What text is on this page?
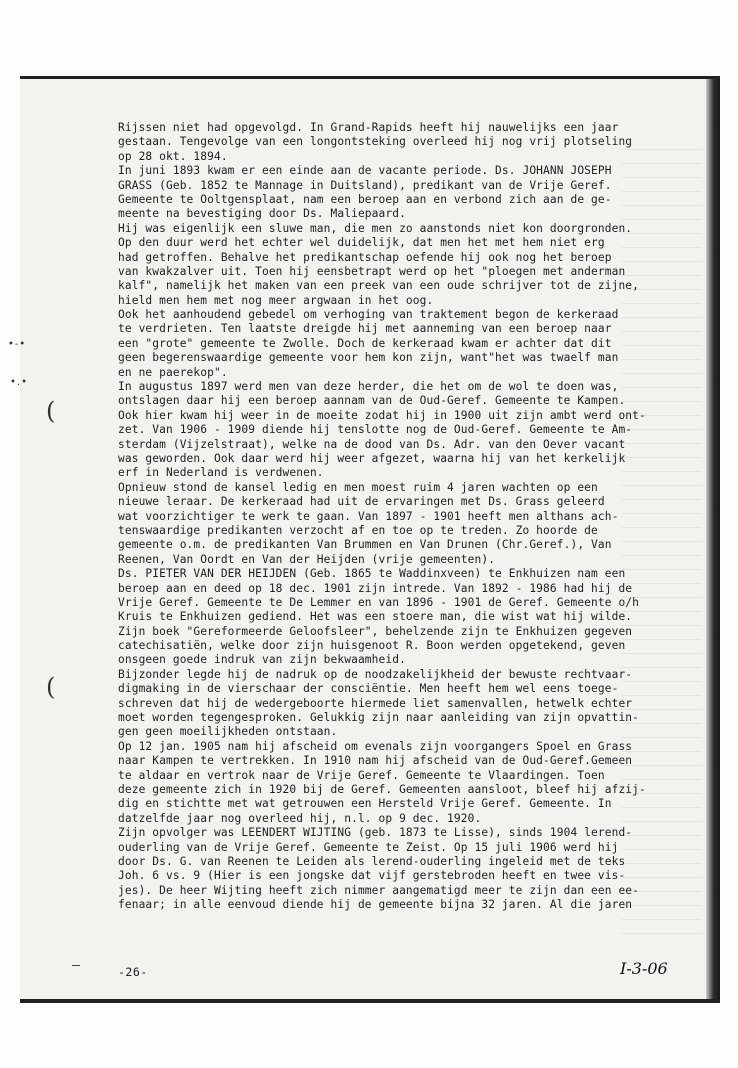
•-•
•.•
(
(
Rijssen niet had opgevolgd. In Grand-Rapids heeft hij nauwelijks een jaar
gestaan. Tengevolge van een longontsteking overleed hij nog vrij plotseling
op 28 okt. 1894.
In juni 1893 kwam er een einde aan de vacante periode. Ds. JOHANN JOSEPH
GRASS (Geb. 1852 te Mannage in Duitsland), predikant van de Vrije Geref.
Gemeente te Ooltgensplaat, nam een beroep aan en verbond zich aan de ge-
meente na bevestiging door Ds. Maliepaard.
Hij was eigenlijk een sluwe man, die men zo aanstonds niet kon doorgronden.
Op den duur werd het echter wel duidelijk, dat men het met hem niet erg
had getroffen. Behalve het predikantschap oefende hij ook nog het beroep
van kwakzalver uit. Toen hij eensbetrapt werd op het "ploegen met anderman
kalf", namelijk het maken van een preek van een oude schrijver tot de zijne,
hield men hem met nog meer argwaan in het oog.
Ook het aanhoudend gebedel om verhoging van traktement begon de kerkeraad
te verdrieten. Ten laatste dreigde hij met aanneming van een beroep naar
een "grote" gemeente te Zwolle. Doch de kerkeraad kwam er achter dat dit
geen begerenswaardige gemeente voor hem kon zijn, want"het was twaelf man
en ne paerekop".
In augustus 1897 werd men van deze herder, die het om de wol te doen was,
ontslagen daar hij een beroep aannam van de Oud-Geref. Gemeente te Kampen.
Ook hier kwam hij weer in de moeite zodat hij in 1900 uit zijn ambt werd ont-
zet. Van 1906 - 1909 diende hij tenslotte nog de Oud-Geref. Gemeente te Am-
sterdam (Vijzelstraat), welke na de dood van Ds. Adr. van den Oever vacant
was geworden. Ook daar werd hij weer afgezet, waarna hij van het kerkelijk
erf in Nederland is verdwenen.
Opnieuw stond de kansel ledig en men moest ruim 4 jaren wachten op een
nieuwe leraar. De kerkeraad had uit de ervaringen met Ds. Grass geleerd
wat voorzichtiger te werk te gaan. Van 1897 - 1901 heeft men althans ach-
tenswaardige predikanten verzocht af en toe op te treden. Zo hoorde de
gemeente o.m. de predikanten Van Brummen en Van Drunen (Chr.Geref.), Van
Reenen, Van Oordt en Van der Heijden (vrije gemeenten).
Ds. PIETER VAN DER HEIJDEN (Geb. 1865 te Waddinxveen) te Enkhuizen nam een
beroep aan en deed op 18 dec. 1901 zijn intrede. Van 1892 - 1986 had hij de
Vrije Geref. Gemeente te De Lemmer en van 1896 - 1901 de Geref. Gemeente o/h
Kruis te Enkhuizen gediend. Het was een stoere man, die wist wat hij wilde.
Zijn boek "Gereformeerde Geloofsleer", behelzende zijn te Enkhuizen gegeven
catechisatiën, welke door zijn huisgenoot R. Boon werden opgetekend, geven
onsgeen goede indruk van zijn bekwaamheid.
Bijzonder legde hij de nadruk op de noodzakelijkheid der bewuste rechtvaar-
digmaking in de vierschaar der consciëntie. Men heeft hem wel eens toege-
schreven dat hij de wedergeboorte hiermede liet samenvallen, hetwelk echter
moet worden tegengesproken. Gelukkig zijn naar aanleiding van zijn opvattin-
gen geen moeilijkheden ontstaan.
Op 12 jan. 1905 nam hij afscheid om evenals zijn voorgangers Spoel en Grass
naar Kampen te vertrekken. In 1910 nam hij afscheid van de Oud-Geref.Gemeen
te aldaar en vertrok naar de Vrije Geref. Gemeente te Vlaardingen. Toen
deze gemeente zich in 1920 bij de Geref. Gemeenten aansloot, bleef hij afzij-
dig en stichtte met wat getrouwen een Hersteld Vrije Geref. Gemeente. In
datzelfde jaar nog overleed hij, n.l. op 9 dec. 1920.
Zijn opvolger was LEENDERT WIJTING (geb. 1873 te Lisse), sinds 1904 lerend-
ouderling van de Vrije Geref. Gemeente te Zeist. Op 15 juli 1906 werd hij
door Ds. G. van Reenen te Leiden als lerend-ouderling ingeleid met de teks
Joh. 6 vs. 9 (Hier is een jongske dat vijf gerstebroden heeft en twee vis-
jes). De heer Wijting heeft zich nimmer aangematigd meer te zijn dan een ee-
fenaar; in alle eenvoud diende hij de gemeente bijna 32 jaren. Al die jaren
-26-	I-3-06
